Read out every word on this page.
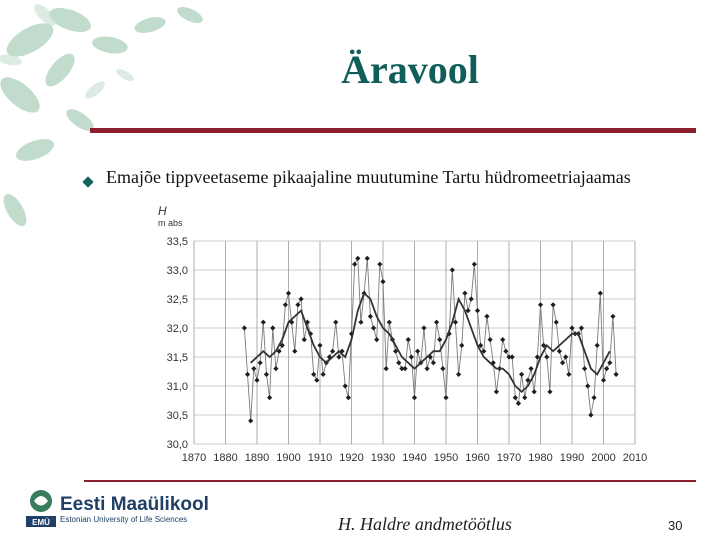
Äravool
Emajõe tippveetaseme pikaajaline muutumine Tartu hüdromeetriajaamas
30,0
30,5
31,0
31,5
32,0
32,5
33,0
33,5
1870 1880 1890 1900 1910 1920 1930 1940 1950 1960 1970 1980 1990 2000 2010
H
m abs
EMÜ
Eesti Maaülikool
Estonian University of Life Sciences	H. Haldre andmetöötlus	30
